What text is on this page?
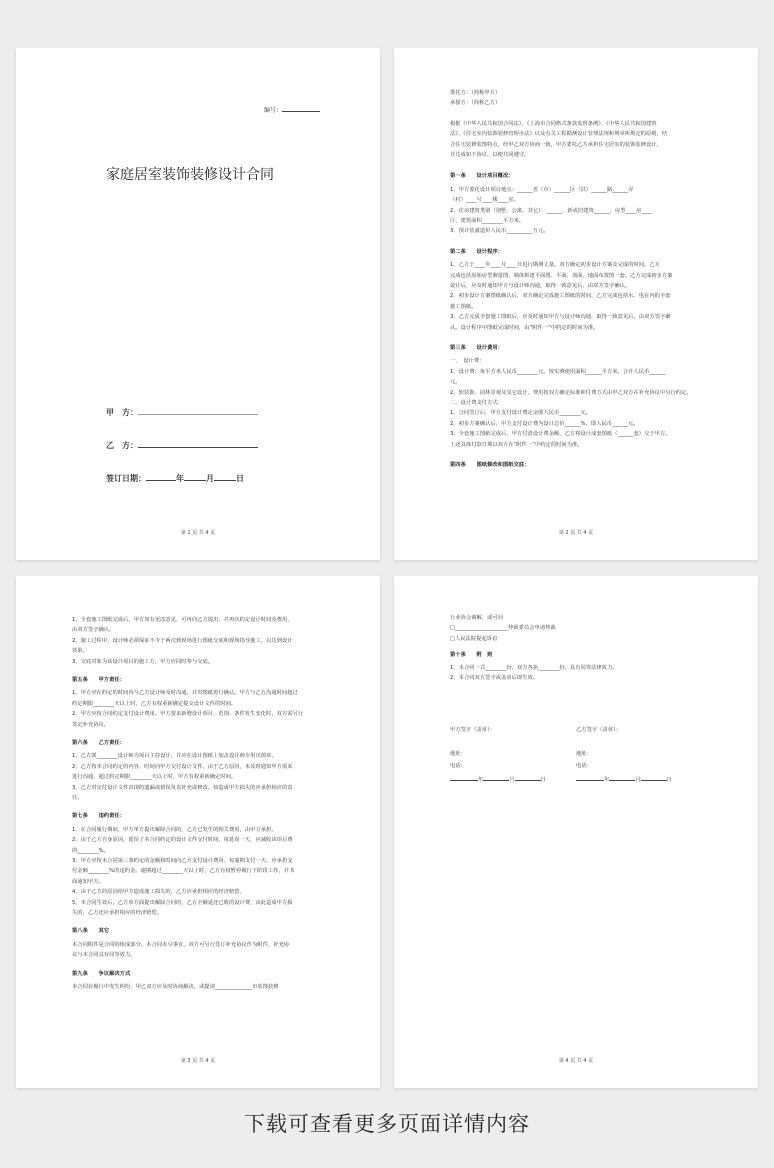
编号：
家庭居室装饰装修设计合同
甲　方：
乙　方：
签订日期：	年	月	日
第 1 页 共 4 页
委托方：（简称甲方）
承接方：（简称乙方）
根据《中华人民共和国合同法》、《上海市合同格式条款监督条例》、《中华人民共和国建筑
法》、《住宅室内装饰装修管理办法》以及有关工程勘测设计管理法规和规章所规定的原则，结
合住宅装修装饰特点，经甲乙双方协商一致，甲方委托乙方承担住宅居室的装饰装修设计，
并达成如下协议，以便共同遵守。
第一条　　设计项目概况：
1、甲方委托设计项目地点：______省（市）______区（县）______路______弄
（村）____号____楼____室。
2、住房建筑类别（别墅、公寓、其它）：______，新或旧建筑______，房型____房____
厅，建筑面积________平方米。
3、预计装潢造价人民币__________万元。
第二条　　设计程序：
1、乙方于____年____月____日进行勘测丈量。双方确定初步设计方案及完成的时间。乙方
完成包括原始房型测量图，墙体拆建平面图、平面、顶面、地面布置图一套。乙方完成初步方案
设计后，应及时通知甲方与设计师沟通，取得一致意见后，由双方签字确认。
2、初步设计方案图纸确认后，双方确定完成施工图纸的时间，乙方完成包括水、电在内的全套
施工图纸。
3、乙方完成全套施工图纸后，应及时通知甲方与设计师沟通，取得一致意见后，由双方签字确
认。设计程序中图纸完成时间，由“附件一”中约定的时间为准。
第三条　　设计费用：
一、　设计费：
1、设计费：每平方米人民币________元，按实测使用面积______平方米，合计人民币______
元。
2、软装饰、园林景观及其它设计，费用按双方确定标准和付费方式由甲乙双方在补充协议中另行约定。
二、设计费支付方式：
1、合同签订后，甲方支付设计费定金即人民币________元。
2、初步方案确认后，甲方支付设计费为设计总价______%，即人民币______元。
3、全套施工图纸完成后，甲方付清设计费余额，乙方将设计成套图纸（______套）交于甲方。
上述具体付款日期以双方在“附件一”中约定的时间为准。
第四条　　图纸修改和图纸交底：
第 2 页 共 4 页
1、全套施工图纸完成后，甲方如有更改意见，可再向乙方提出，并再次约定设计时间及费用，
由双方签字确认。
2、施工过程中，设计师必须保证不少于两次到现场进行图纸交底和现场指导施工，以达到设计
效果。
3、交底对象为该设计项目的施工方，甲方应同时参与交底。
第五条　　甲方责任：
1、甲方应在约定的时间内与乙方设计师及时沟通，并对图纸进行确认。甲方与乙方沟通时间超过
约定期限________天以上时，乙方有权重新确定提交设计文件的时间。
2、甲方应按合同约定支付设计费用。甲方要求新增设计项目、范围、条件发生变化时，双方需另行
签定补充协议。
第六条　　乙方责任：
1、乙方派________设计师为项目主持设计，并应在设计图纸上加盖设计师专用出图章。
2、乙方按本合同约定的内容、时间向甲方交付设计文件。由于乙方原因，未及时通知甲方需来
进行沟通，超过约定期限________天以上时，甲方有权重新确定时间。
3、乙方对交付设计文件出现的遗漏或错误负责补充或修改。如造成甲方损失的应承担相应的责
任。
第七条　　违约责任：
1、在合同履行期间，甲方单方提出解除合同的，乙方已发生的相关费用，由甲方承担。
2、由于乙方自身原因，延误了本合同约定的设计文件交付时间，每延误一天，应减收该项目费
的________%。
3、甲方应按本合同第三条约定的金额和时间向乙方支付设计费用，每逾期支付一天，应承担支
付金额________%的违约金。逾期超过________天以上时，乙方有权暂停履行下阶段工作，并书
面通知甲方。
4、由于乙方的原因给甲方造成施工损失的，乙方应承担相应的经济赔偿。
5、本合同生效后，乙方单方面提出解除合同的，乙方全额退还已收的设计费，由此造成甲方损
失的，乙方还应承担相应的经济赔偿。
第八条　　其它
本合同附件是合同的组成部分。本合同未尽事宜，双方可另行签订补充协议作为附件，补充协
议与本合同具有同等效力。
第九条　　争议解决方式
本合同在履行中发生纠纷，甲乙双方应及时协商解决。或提请______________市装饰装修
第 3 页 共 4 页
行业协会调解，或可向
□____________________仲裁委员会申请仲裁
□人民法院提起诉讼
第十条　　附　则
1、本合同一式________份，双方各执________份，具有同等法律效力。
2、本合同双方签字或盖章后即生效。
甲方签字（盖章）：	乙方签字（盖章）：
地址：	地址：
电话：	电话：
年	月	日	年	月	日
第 4 页 共 4 页
下载可查看更多页面详情内容
